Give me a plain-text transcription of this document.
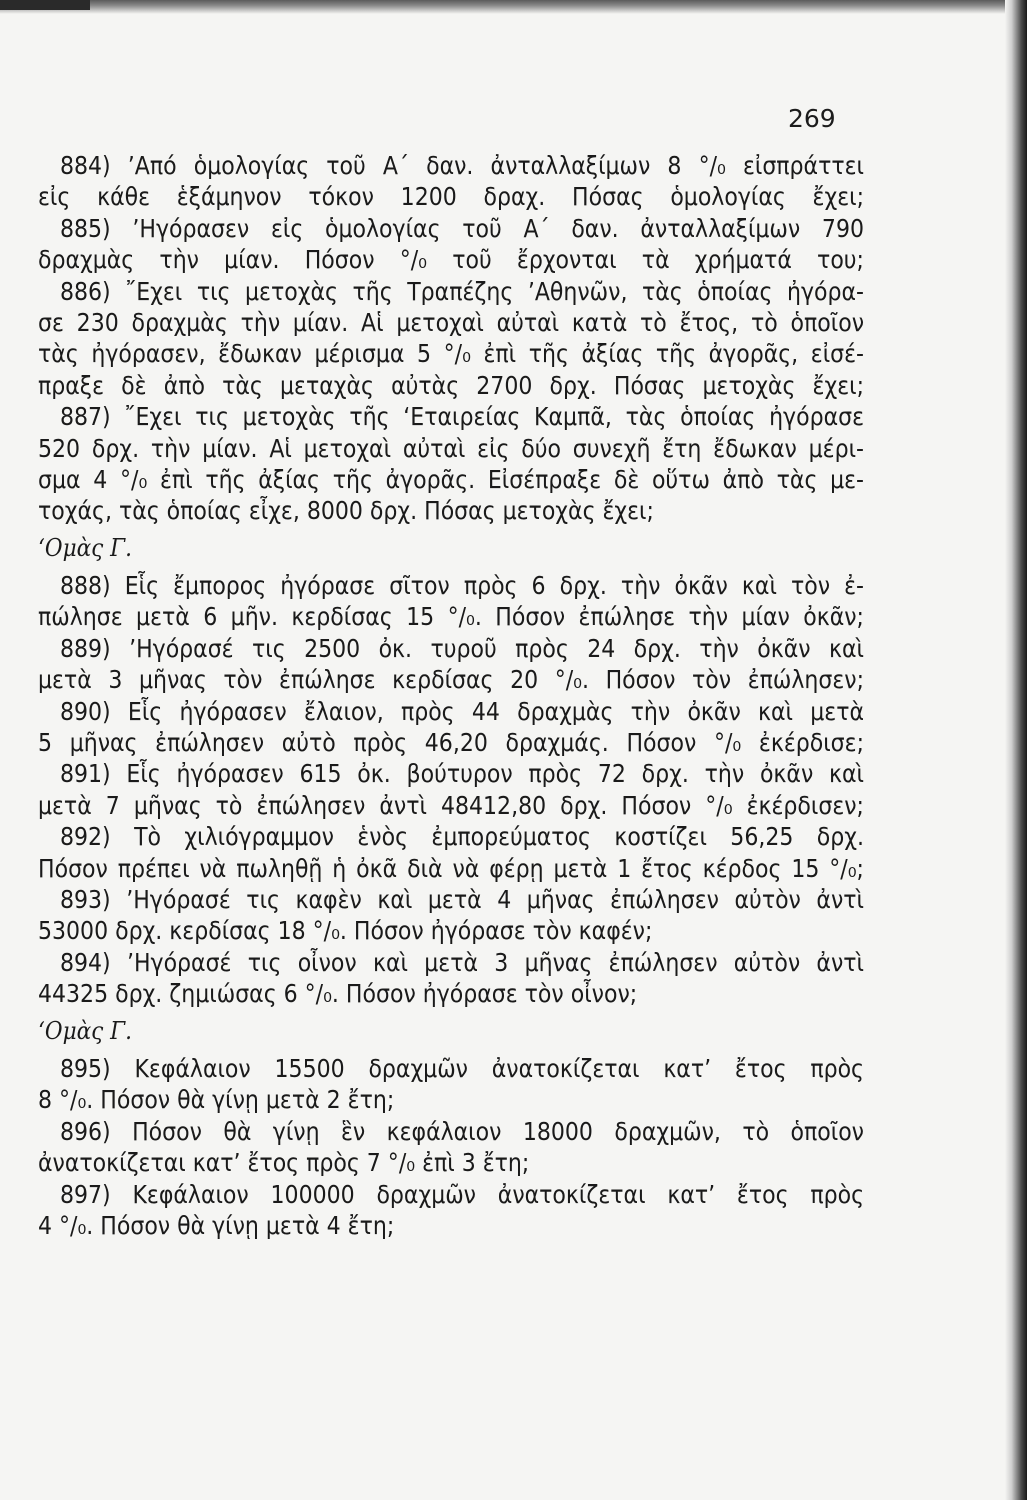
269
884) ’Από ὁμολογίας τοῦ Α΄ δαν. ἀνταλλαξίμων 8 °/₀ εἰσπράττει
εἰς κάθε ἑξάμηνον τόκον 1200 δραχ. Πόσας ὁμολογίας ἔχει;
885) ’Ηγόρασεν εἰς ὁμολογίας τοῦ Α΄ δαν. ἀνταλλαξίμων 790
δραχμὰς τὴν μίαν. Πόσον °/₀ τοῦ ἔρχονται τὰ χρήματά του;
886) ῎Εχει τις μετοχὰς τῆς Τραπέζης ’Αθηνῶν, τὰς ὁποίας ἠγόρα-
σε 230 δραχμὰς τὴν μίαν. Αἱ μετοχαὶ αὐταὶ κατὰ τὸ ἔτος, τὸ ὁποῖον
τὰς ἠγόρασεν, ἔδωκαν μέρισμα 5 °/₀ ἐπὶ τῆς ἀξίας τῆς ἀγορᾶς, εἰσέ-
πραξε δὲ ἀπὸ τὰς μεταχὰς αὐτὰς 2700 δρχ. Πόσας μετοχὰς ἔχει;
887) ῎Εχει τις μετοχὰς τῆς ‘Εταιρείας Καμπᾶ, τὰς ὁποίας ἠγόρασε
520 δρχ. τὴν μίαν. Αἱ μετοχαὶ αὐταὶ εἰς δύο συνεχῆ ἔτη ἔδωκαν μέρι-
σμα 4 °/₀ ἐπὶ τῆς ἀξίας τῆς ἀγορᾶς. Εἰσέπραξε δὲ οὕτω ἀπὸ τὰς με-
τοχάς, τὰς ὁποίας εἶχε, 8000 δρχ. Πόσας μετοχὰς ἔχει;
‘Ομὰς Γ.
888) Εἷς ἔμπορος ἠγόρασε σῖτον πρὸς 6 δρχ. τὴν ὀκᾶν καὶ τὸν ἐ-
πώλησε μετὰ 6 μῆν. κερδίσας 15 °/₀. Πόσον ἐπώλησε τὴν μίαν ὀκᾶν;
889) ’Ηγόρασέ τις 2500 ὀκ. τυροῦ πρὸς 24 δρχ. τὴν ὀκᾶν καὶ
μετὰ 3 μῆνας τὸν ἐπώλησε κερδίσας 20 °/₀. Πόσον τὸν ἐπώλησεν;
890) Εἷς ἠγόρασεν ἔλαιον, πρὸς 44 δραχμὰς τὴν ὀκᾶν καὶ μετὰ
5 μῆνας ἐπώλησεν αὐτὸ πρὸς 46,20 δραχμάς. Πόσον °/₀ ἐκέρδισε;
891) Εἷς ἠγόρασεν 615 ὀκ. βούτυρον πρὸς 72 δρχ. τὴν ὀκᾶν καὶ
μετὰ 7 μῆνας τὸ ἐπώλησεν ἀντὶ 48412,80 δρχ. Πόσον °/₀ ἐκέρδισεν;
892) Τὸ χιλιόγραμμον ἑνὸς ἐμπορεύματος κοστίζει 56,25 δρχ.
Πόσον πρέπει νὰ πωληθῇ ἡ ὀκᾶ διὰ νὰ φέρῃ μετὰ 1 ἔτος κέρδος 15 °/₀;
893) ’Ηγόρασέ τις καφὲν καὶ μετὰ 4 μῆνας ἐπώλησεν αὐτὸν ἀντὶ
53000 δρχ. κερδίσας 18 °/₀. Πόσον ἠγόρασε τὸν καφέν;
894) ’Ηγόρασέ τις οἶνον καὶ μετὰ 3 μῆνας ἐπώλησεν αὐτὸν ἀντὶ
44325 δρχ. ζημιώσας 6 °/₀. Πόσον ἠγόρασε τὸν οἶνον;
‘Ομὰς Γ.
895) Κεφάλαιον 15500 δραχμῶν ἀνατοκίζεται κατ’ ἔτος πρὸς
8 °/₀. Πόσον θὰ γίνῃ μετὰ 2 ἔτη;
896) Πόσον θὰ γίνῃ ἓν κεφάλαιον 18000 δραχμῶν, τὸ ὁποῖον
ἀνατοκίζεται κατ’ ἔτος πρὸς 7 °/₀ ἐπὶ 3 ἔτη;
897) Κεφάλαιον 100000 δραχμῶν ἀνατοκίζεται κατ’ ἔτος πρὸς
4 °/₀. Πόσον θὰ γίνῃ μετὰ 4 ἔτη;
